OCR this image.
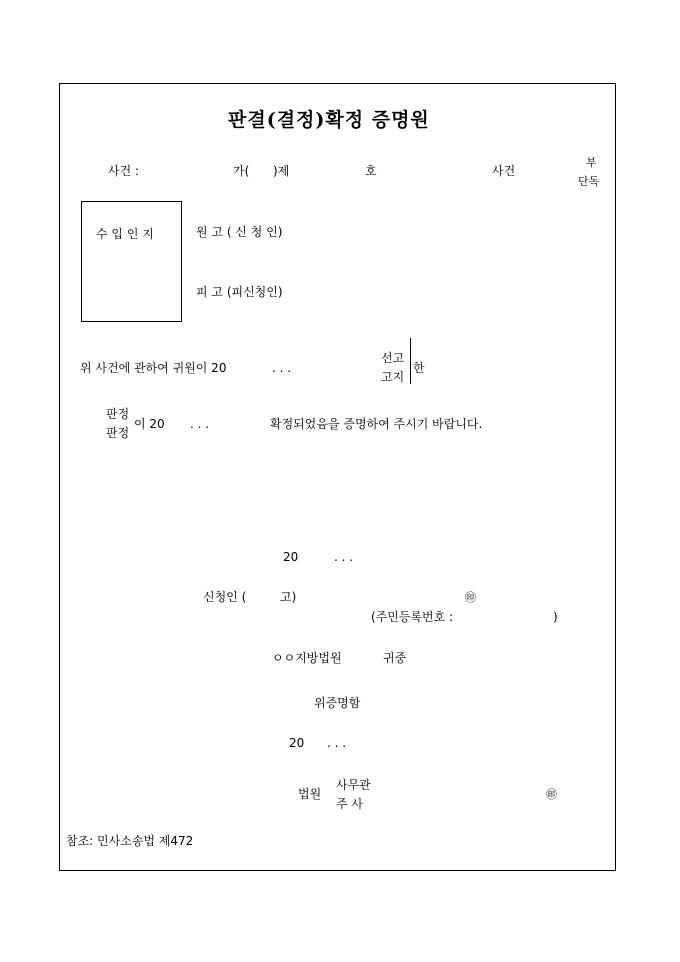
판결(결정)확정 증명원
사건 :	가( )제	호	사건
부
단독
수 입 인 지	원 고 ( 신 청 인)
피 고 (피신청인)
위 사건에 관하여 귀원이 20	. . .
선고
고지
한
판정
판정
이 20 . . .	확정되었음을 증명하여 주시기 바랍니다.
20	. . .
신청인 (	고)	㊞
(주민등록번호 :	)
ㅇㅇ지방법원	귀중
위증명함
20 . . .
법원
사무관
주 사
㊞
참조: 민사소송법 제472
